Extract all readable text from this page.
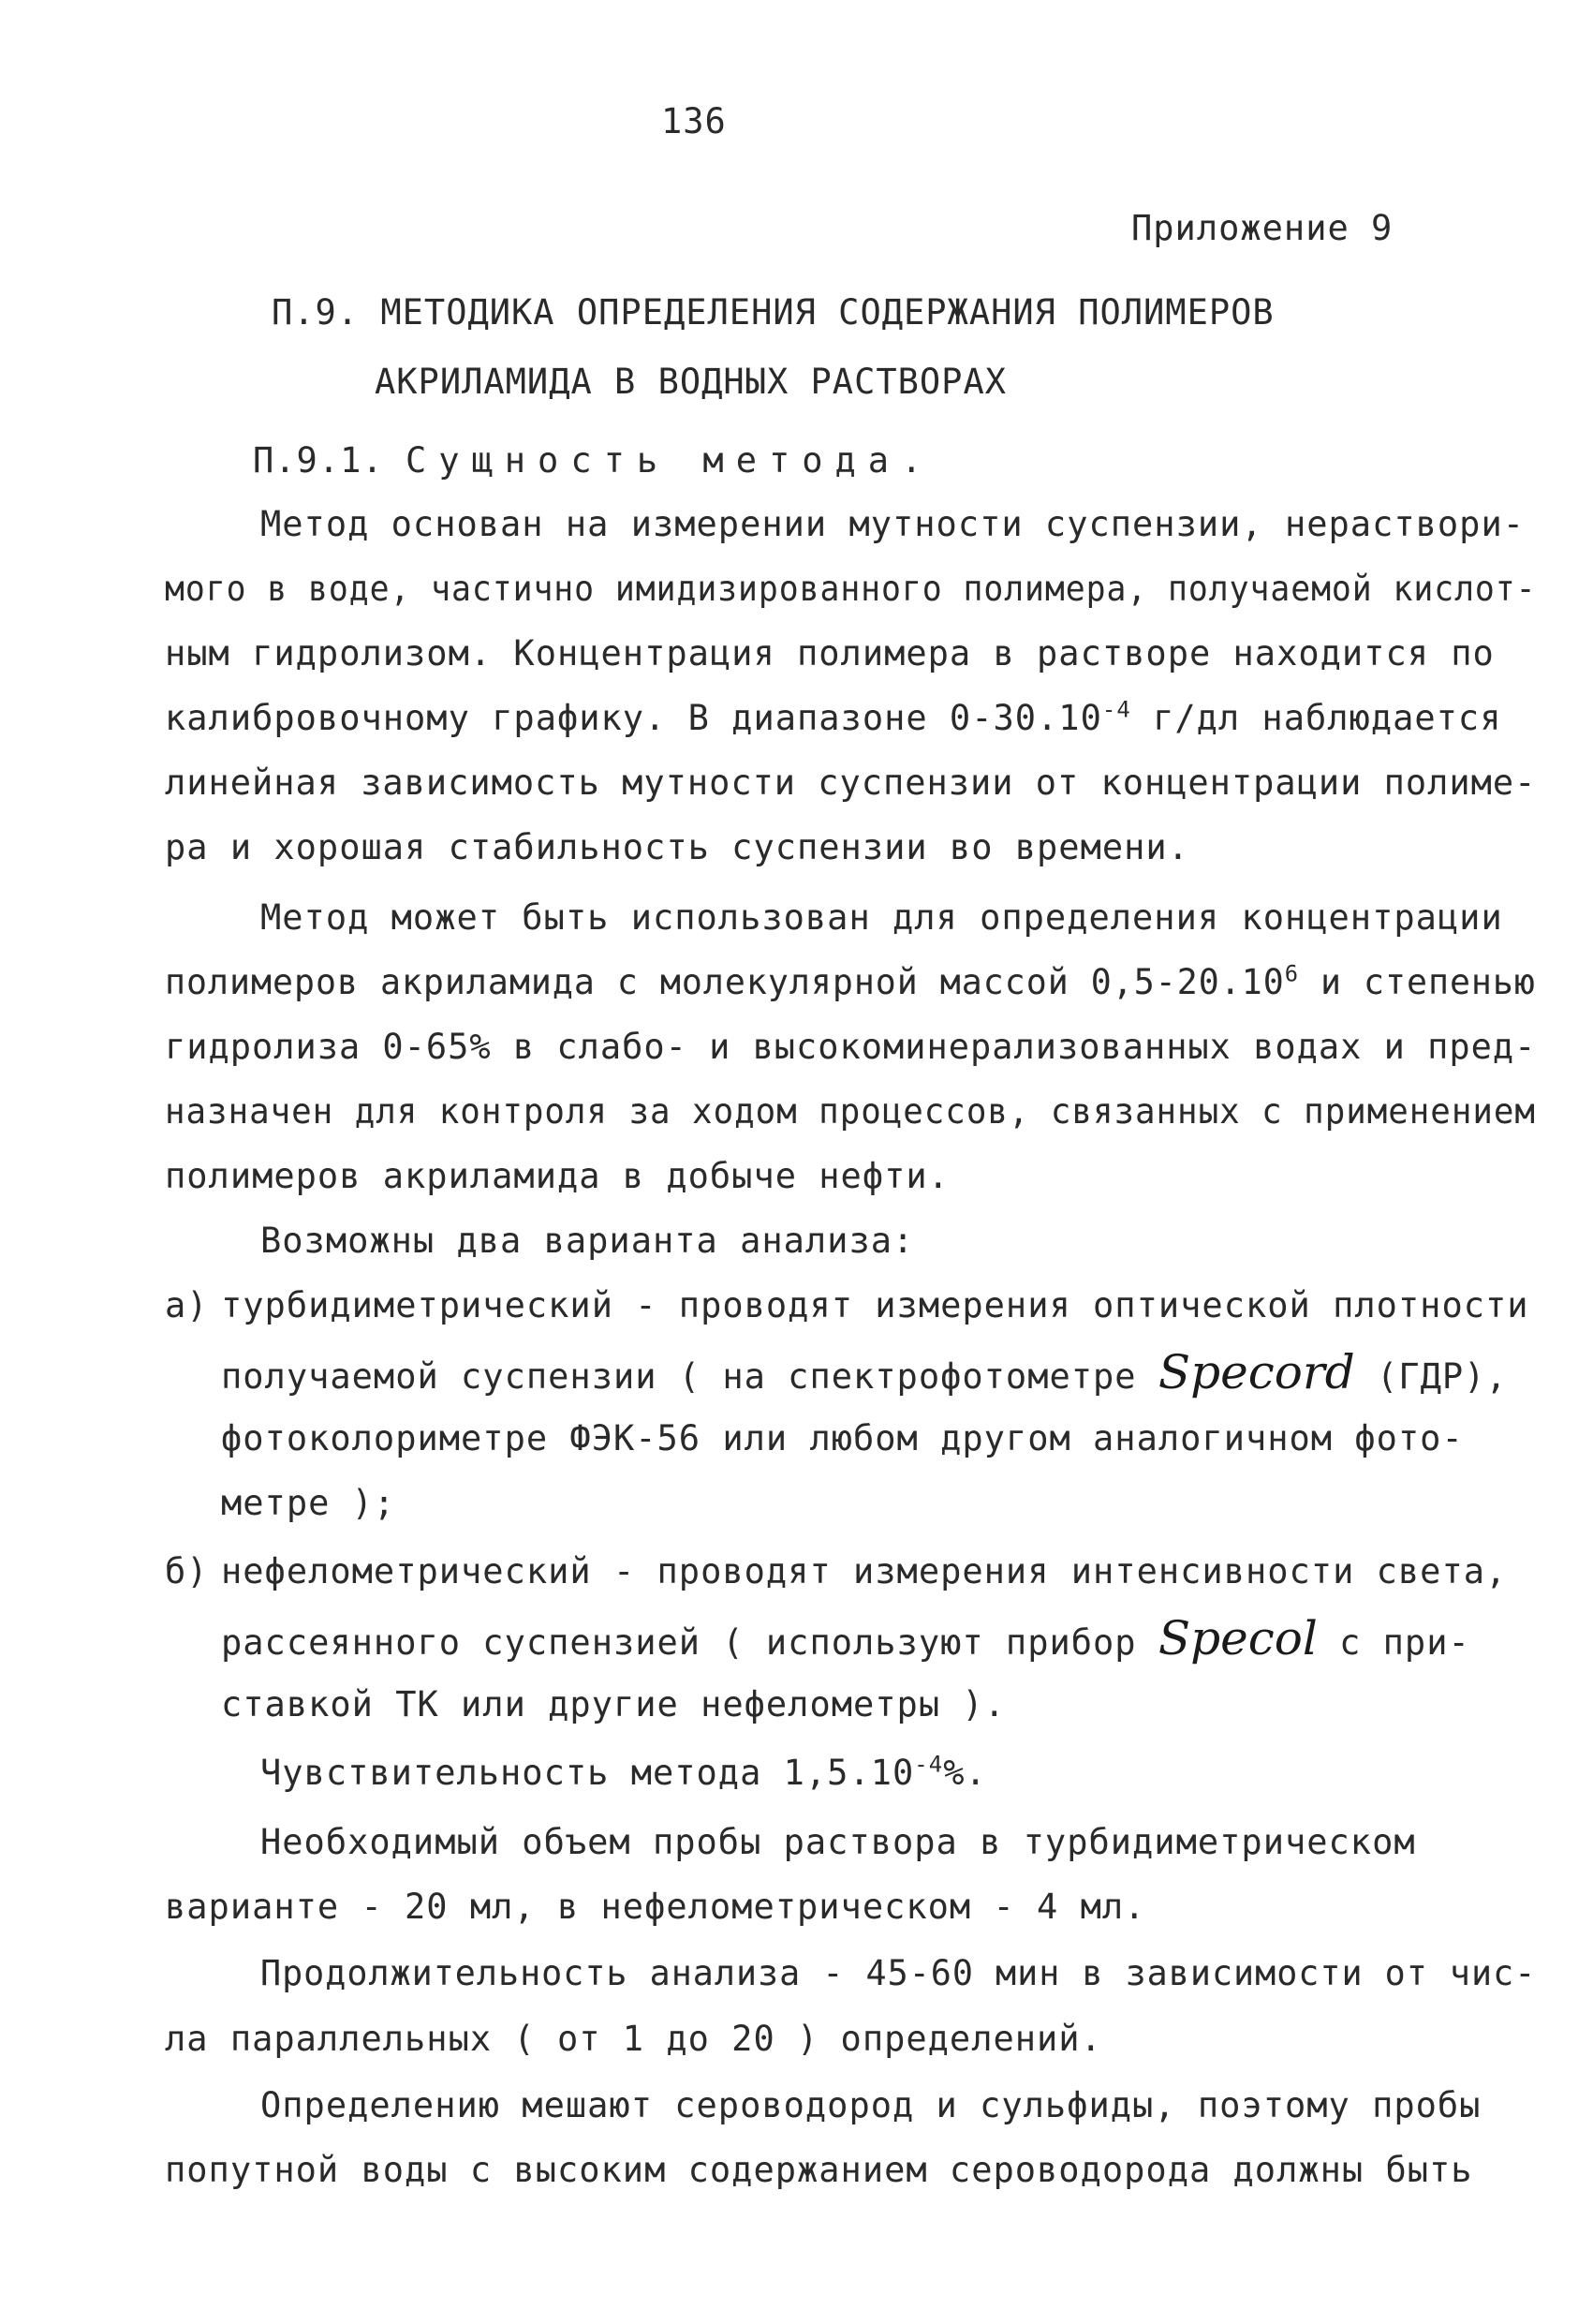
136
Приложение 9
П.9. МЕТОДИКА ОПРЕДЕЛЕНИЯ СОДЕРЖАНИЯ ПОЛИМЕРОВ
АКРИЛАМИДА В ВОДНЫХ РАСТВОРАХ
П.9.1. Сущность метода.
Метод основан на измерении мутности суспензии, нераствори-
мого в воде, частично имидизированного полимера, получаемой кислот-
ным гидролизом. Концентрация полимера в растворе находится по
калибровочному графику. В диапазоне $0-30.10^{-4}$ г/дл наблюдается
линейная зависимость мутности суспензии от концентрации полиме-
ра и хорошая стабильность суспензии во времени.
Метод может быть использован для определения концентрации
полимеров акриламида с молекулярной массой 0,5-20.10$^6$ и степенью
гидролиза 0-65% в слабо- и высокоминерализованных водах и пред-
назначен для контроля за ходом процессов, связанных с применением
полимеров акриламида в добыче нефти.
Возможны два варианта анализа:
а) турбидиметрический - проводят измерения оптической плотности
получаемой суспензии ( на спектрофотометре Specord (ГДР),
фотоколориметре ФЭК-56 или любом другом аналогичном фото-
метре );
б) нефелометрический - проводят измерения интенсивности света,
рассеянного суспензией ( используют прибор Specol с при-
ставкой ТК или другие нефелометры ).
Чувствительность метода $1,5.10^{-4}\%$.
Необходимый объем пробы раствора в турбидиметрическом
варианте - 20 мл, в нефелометрическом - 4 мл.
Продолжительность анализа - 45-60 мин в зависимости от чис-
ла параллельных ( от 1 до 20 ) определений.
Определению мешают сероводород и сульфиды, поэтому пробы
попутной воды с высоким содержанием сероводорода должны быть
